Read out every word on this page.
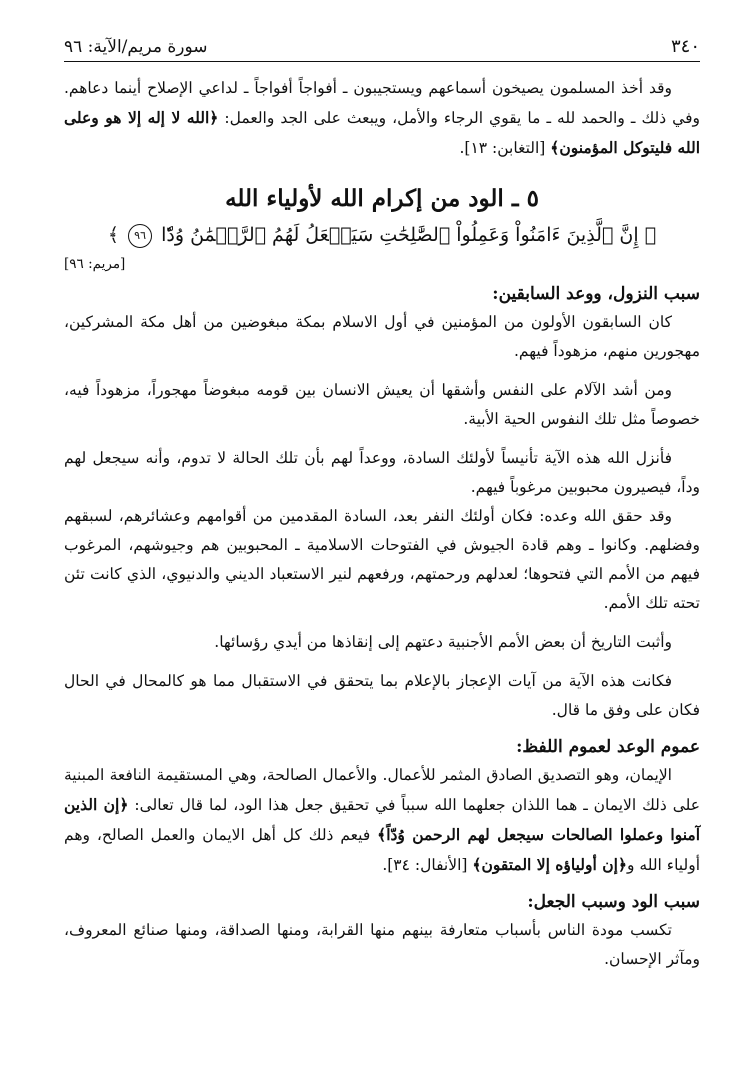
٣٤٠
سورة مريم/الآية: ٩٦

وقد أخذ المسلمون يصيخون أسماعهم ويستجيبون ـ أفواجاً أفواجاً ـ لداعي الإصلاح أينما دعاهم. وفي ذلك ـ والحمد لله ـ ما يقوي الرجاء والأمل، ويبعث على الجد والعمل: ﴿الله لا إله إلا هو وعلى الله فليتوكل المؤمنون﴾ [التغابن: ١٣].

٥ ـ الود من إكرام الله لأولياء الله
﴿ إِنَّ ٱلَّذِينَ ءَامَنُواْ وَعَمِلُواْ ٱلصَّٰلِحَٰتِ سَيَجۡعَلُ لَهُمُ ٱلرَّحۡمَٰنُ وُدّٗا ٩٦ ﴾
[مريم: ٩٦]
سبب النزول، ووعد السابقين:

كان السابقون الأولون من المؤمنين في أول الاسلام بمكة مبغوضين من أهل مكة المشركين، مهجورين منهم، مزهوداً فيهم.

ومن أشد الآلام على النفس وأشقها أن يعيش الانسان بين قومه مبغوضاً مهجوراً، مزهوداً فيه، خصوصاً مثل تلك النفوس الحية الأبية.

فأنزل الله هذه الآية تأنيساً لأولئك السادة، ووعداً لهم بأن تلك الحالة لا تدوم، وأنه سيجعل لهم وداً، فيصيرون محبوبين مرغوباً فيهم.

وقد حقق الله وعده: فكان أولئك النفر بعد، السادة المقدمين من أقوامهم وعشائرهم، لسبقهم وفضلهم. وكانوا ـ وهم قادة الجيوش في الفتوحات الاسلامية ـ المحبوبين هم وجيوشهم، المرغوب فيهم من الأمم التي فتحوها؛ لعدلهم ورحمتهم، ورفعهم لنير الاستعباد الديني والدنيوي، الذي كانت تئن تحته تلك الأمم.

وأثبت التاريخ أن بعض الأمم الأجنبية دعتهم إلى إنقاذها من أيدي رؤسائها.

فكانت هذه الآية من آيات الإعجاز بالإعلام بما يتحقق في الاستقبال مما هو كالمحال في الحال فكان على وفق ما قال.

عموم الوعد لعموم اللفظ:

الإيمان، وهو التصديق الصادق المثمر للأعمال. والأعمال الصالحة، وهي المستقيمة النافعة المبنية على ذلك الايمان ـ هما اللذان جعلهما الله سبباً في تحقيق جعل هذا الود، لما قال تعالى: ﴿إن الذين آمنوا وعملوا الصالحات سيجعل لهم الرحمن وُدّاً﴾ فيعم ذلك كل أهل الايمان والعمل الصالح، وهم أولياء الله و﴿إن أولياؤه إلا المتقون﴾ [الأنفال: ٣٤].

سبب الود وسبب الجعل:

تكسب مودة الناس بأسباب متعارفة بينهم منها القرابة، ومنها الصداقة، ومنها صنائع المعروف، ومآثر الإحسان.
